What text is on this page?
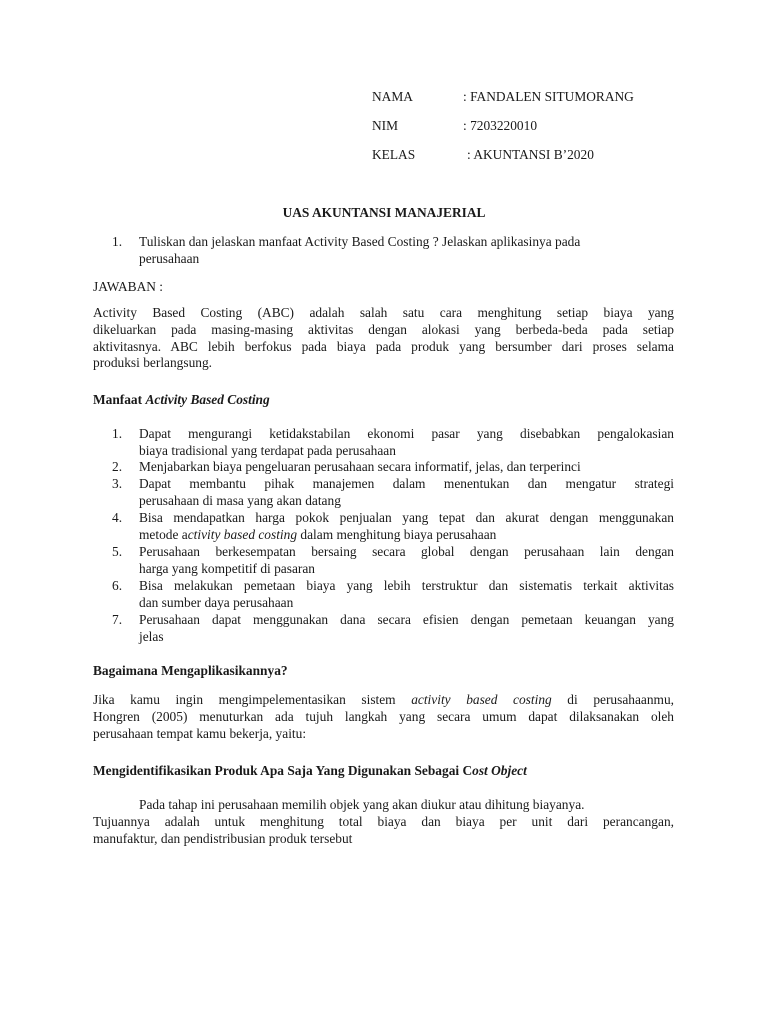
NAMA	: FANDALEN SITUMORANG
NIM	: 7203220010
KELAS	: AKUNTANSI B’2020
UAS AKUNTANSI MANAJERIAL
1. Tuliskan dan jelaskan manfaat Activity Based Costing ? Jelaskan aplikasinya pada
perusahaan
JAWABAN :
Activity Based Costing (ABC) adalah salah satu cara menghitung setiap biaya yang
dikeluarkan pada masing-masing aktivitas dengan alokasi yang berbeda-beda pada setiap
aktivitasnya. ABC lebih berfokus pada biaya pada produk yang bersumber dari proses selama
produksi berlangsung.
Manfaat Activity Based Costing
1. Dapat mengurangi ketidakstabilan ekonomi pasar yang disebabkan pengalokasian
biaya tradisional yang terdapat pada perusahaan
2. Menjabarkan biaya pengeluaran perusahaan secara informatif, jelas, dan terperinci
3. Dapat membantu pihak manajemen dalam menentukan dan mengatur strategi
perusahaan di masa yang akan datang
4. Bisa mendapatkan harga pokok penjualan yang tepat dan akurat dengan menggunakan
metode activity based costing dalam menghitung biaya perusahaan
5. Perusahaan berkesempatan bersaing secara global dengan perusahaan lain dengan
harga yang kompetitif di pasaran
6. Bisa melakukan pemetaan biaya yang lebih terstruktur dan sistematis terkait aktivitas
dan sumber daya perusahaan
7. Perusahaan dapat menggunakan dana secara efisien dengan pemetaan keuangan yang
jelas
Bagaimana Mengaplikasikannya?
Jika kamu ingin mengimpelementasikan sistem activity based costing di perusahaanmu,
Hongren (2005) menuturkan ada tujuh langkah yang secara umum dapat dilaksanakan oleh
perusahaan tempat kamu bekerja, yaitu:
Mengidentifikasikan Produk Apa Saja Yang Digunakan Sebagai Cost Object
Pada tahap ini perusahaan memilih objek yang akan diukur atau dihitung biayanya.
Tujuannya adalah untuk menghitung total biaya dan biaya per unit dari perancangan,
manufaktur, dan pendistribusian produk tersebut
